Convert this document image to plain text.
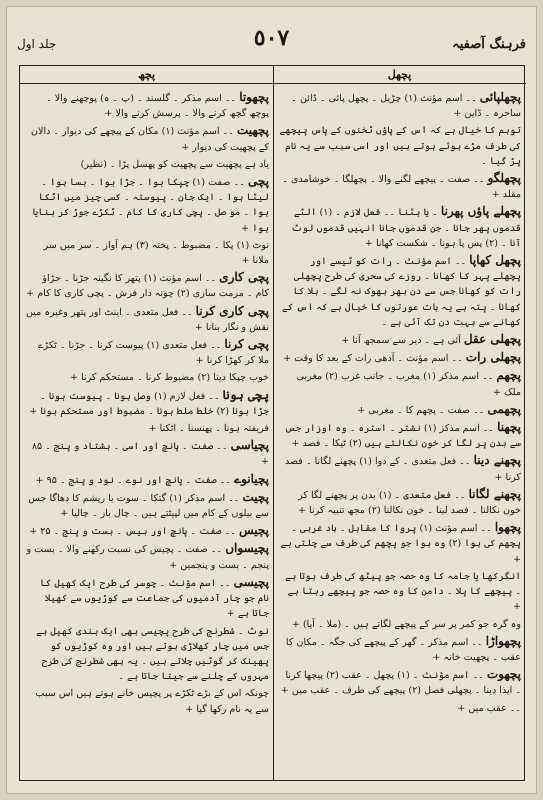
جلد اول	٥٠٧	فرہنگ آصفیہ
پچھ	پچھل
پچھوتا ۔۔ اسم مذکر ۔ گلسند ۔ (پ ۔ ہ) پوچھنے والا ۔ پوچھ گچھ کرنے والا ۔ پرسش کرنے والا +
پچھیت ۔۔ اسم مؤنث (۱) مکان کے پیچھے کی دیوار ۔ دالان کے پچھیت کی دیوار +
یاد ہے پچھیت سے پچھیت کو پھسل پڑا ۔ (نظیر)
پچی ۔۔ صفت (۱) چپکا ہوا ۔ جڑا ہوا ۔ بسا ہوا ۔ لیٹا ہوا ۔ ایک جان ۔ پیوستہ ۔ کسی چیز میں اٹکا ہوا ۔ مو صل ۔ پچی کاری کا کام ۔ ٹکڑے جوڑ کر بنایا ہوا +
نوٹ (۱) پکا ۔ مضبوط ۔ پختہ (۳) ہم آواز ۔ سر میں سر ملانا +
پچی کاری ۔۔ اسم مؤنث (۱) پتھر کا نگینہ جڑنا ۔ جڑاؤ کام ۔ مرمت سازی (۲) چونہ دار فرش ۔ پچی کاری کا کام +
پچی کاری کرنا ۔۔ فعل متعدی ۔ اینٹ اور پتھر وغیرہ میں نقش و نگار بنانا +
پچی کرنا ۔۔ فعل متعدی (۱) پیوست کرنا ۔ جڑنا ۔ ٹکڑے ملا کر کھڑا کرنا +
خوب چپکا دینا (۲) مضبوط کرنا ۔ مستحکم کرنا +
پچی ہونا ۔۔ فعل لازم (۱) وصل ہونا ۔ پیوست ہونا ۔ جڑا ہونا (۲) خلط ملط ہونا ۔ مضبوط اور مستحکم ہونا +
فریفتہ ہونا ۔ پھنسنا ۔ اٹکنا +
پچیاسی ۔۔ صفت ۔ پانچ اور اسی ۔ ہشتاد و پنج ۔ ۸۵ +
پچیانوے ۔۔ صفت ۔ پانچ اور نوے ۔ نود و پنج ۔ ۹۵ +
پچیت ۔۔ اسم مذکر (۱) گتکا ۔ سوت یا ریشم کا دھاگا جس سے بیلوں کے کام میں لپیٹتے ہیں ۔ چال باز ۔ چالیا +
پچیس ۔۔ صفت ۔ پانچ اور بیس ۔ بست و پنج ۔ ۲۵ +
پچیسواں ۔۔ صفت ۔ پچیس کی نسبت رکھنے والا ۔ بست و پنجم ۔ بست و پنجمین +
پچیسی ۔۔ اسم مؤنث ۔ چوسر کی طرح ایک کھیل کا نام جو چار آدمیوں کی جماعت سے کوڑیوں سے کھیلا جاتا ہے +
نوٹ ۔ شطرنج کی طرح پچیسی بھی ایک ہندی کھیل ہے جس میں چار کھلاڑی ہوتے ہیں اور وہ کوڑیوں کو پھینک کر گوٹیں چلاتے ہیں ۔ یہ بھی شطرنج کی طرح مہروں کے چلنے سے جیتا جاتا ہے ۔
چونکہ اس کے بڑے ٹکڑے پر پچیس خانے ہوتے ہیں اس سبب سے یہ نام رکھا گیا +
پچھلپائی ۔۔ اسم مؤنث (۱) چڑیل ۔ پچھل پائی ۔ ڈائن ۔ ساحرہ ۔ ڈاین +
توہم کا خیال ہے کہ اس کے پاؤں ٹخنوں کے پاس پیچھے کی طرف مڑے ہوئے ہوتے ہیں اور اسی سبب سے یہ نام پڑ گیا ۔
پچھلگو ۔۔ صفت ۔ پیچھے لگنے والا ۔ پچھلگا ۔ خوشامدی ۔ مقلد +
پچھلے پاؤں پھرنا ۔ یا ہٹنا ۔۔ فعل لازم ۔ (۱) الٹے قدموں پھر جانا ۔ جن قدموں جانا انہیں قدموں لوٹ آنا ۔ (۲) پس پا ہونا ۔ شکست کھانا +
پچھل کھاپا ۔۔ اسم مؤنث ۔ رات کو ٹیسے اور پچھلے پہر کا کھانا ۔ روزے کی سحری کی طرح پچھلی رات کو کھانا جس سے دن بھر بھوک نہ لگے ۔ بلا کا کھانا ۔ پتہ ہے یہ بات عورتوں کا خیال ہے کہ اس کے کھانے سے بہت دن تک آئی ہے ۔
پچھلی عقل آئی ہے ۔ دیر سے سمجھ آنا +
پچھلی رات ۔۔ اسم مؤنث ۔ آدھی رات کے بعد کا وقت +
پچھم ۔۔ اسم مذکر (۱) مغرب ۔ جانب غرب (۲) مغربی ملک +
پچھمی ۔۔ صفت ۔ پچھم کا ۔ مغربی +
پچھنا ۔۔ اسم مذکر (۱) نشتر ۔ استرہ ۔ وہ اوزار جس سے بدن پر لگا کر خون نکالتے ہیں (۲) ٹیکا ۔ فصد +
پچھنے دینا ۔۔ فعل متعدی ۔ کے دوا (۱) پچھنے لگانا ۔ فصد کرنا +
پچھنے لگانا ۔۔ فعل متعدی ۔ (۱) بدن پر پچھنے لگا کر خون نکالنا ۔ فصد لینا ۔ خون نکالنا (۲) مجھ تنبیہ کرنا +
پچھوا ۔۔ اسم مؤنث (۱) پروا کا مقابل ۔ باد غربی ۔ پچھم کی ہوا (۲) وہ ہوا جو پچھم کی طرف سے چلتی ہے +
انگرکھا یا جامہ کا وہ حصہ جو پیٹھ کی طرف ہوتا ہے ۔ پیچھے کا پلا ۔ دامن کا وہ حصہ جو پیچھے رہتا ہے +
وہ گرہ جو کمر پر سر کے پیچھے لگاتے ہیں ۔ (ملا ۔ آیا) +
پچھواڑا ۔۔ اسم مذکر ۔ گھر کے پیچھے کی جگہ ۔ مکان کا عقب ۔ پچھیت خانہ +
پچھوت ۔۔ اسم مؤنث ۔ (۱) پچھل ۔ عقب (۲) پیچھا کرنا ۔ ایذا دینا ۔ پچھلی فصل (۲) پیچھے کی طرف ۔ عقب میں +
۔۔ عقب میں +
